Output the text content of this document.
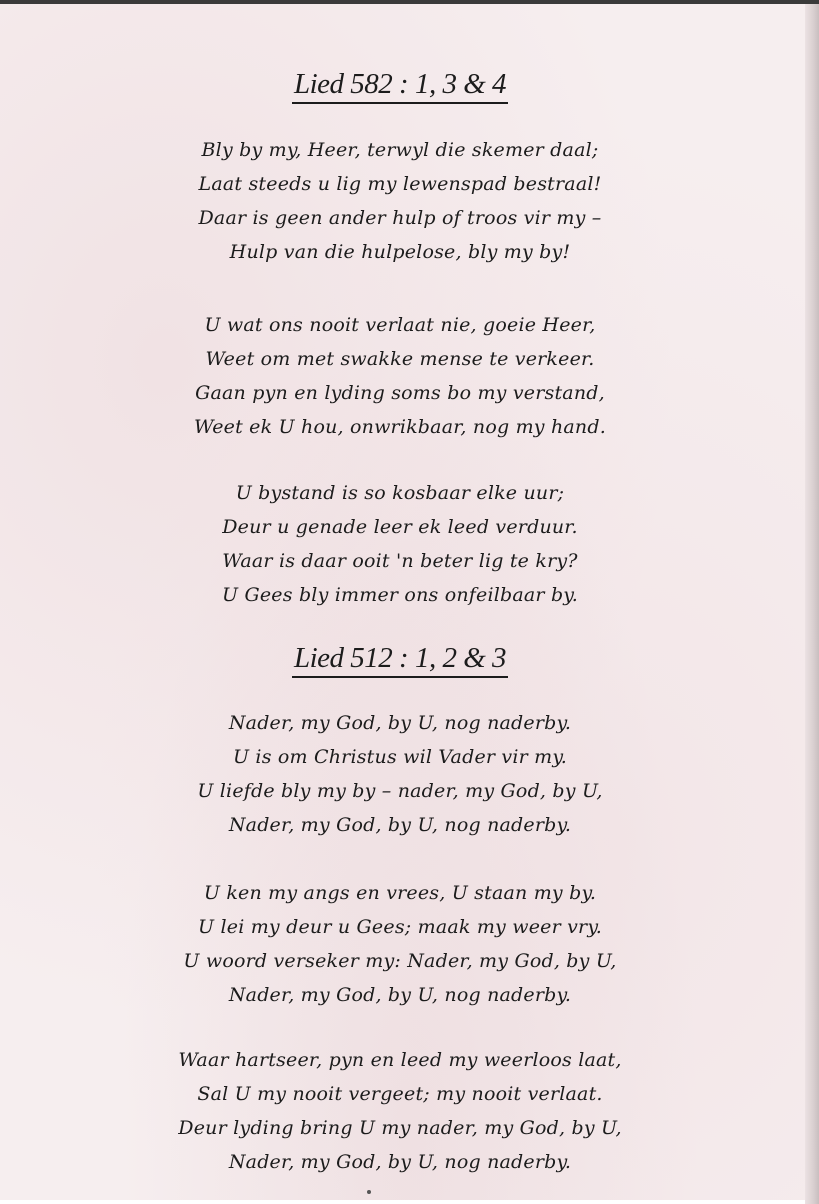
Lied 582 : 1, 3 & 4
Bly by my, Heer, terwyl die skemer daal;
Laat steeds u lig my lewenspad bestraal!
Daar is geen ander hulp of troos vir my –
Hulp van die hulpelose, bly my by!
U wat ons nooit verlaat nie, goeie Heer,
Weet om met swakke mense te verkeer.
Gaan pyn en lyding soms bo my verstand,
Weet ek U hou, onwrikbaar, nog my hand.
U bystand is so kosbaar elke uur;
Deur u genade leer ek leed verduur.
Waar is daar ooit 'n beter lig te kry?
U Gees bly immer ons onfeilbaar by.
Lied 512 : 1, 2 & 3
Nader, my God, by U, nog naderby.
U is om Christus wil Vader vir my.
U liefde bly my by – nader, my God, by U,
Nader, my God, by U, nog naderby.
U ken my angs en vrees, U staan my by.
U lei my deur u Gees; maak my weer vry.
U woord verseker my: Nader, my God, by U,
Nader, my God, by U, nog naderby.
Waar hartseer, pyn en leed my weerloos laat,
Sal U my nooit vergeet; my nooit verlaat.
Deur lyding bring U my nader, my God, by U,
Nader, my God, by U, nog naderby.
